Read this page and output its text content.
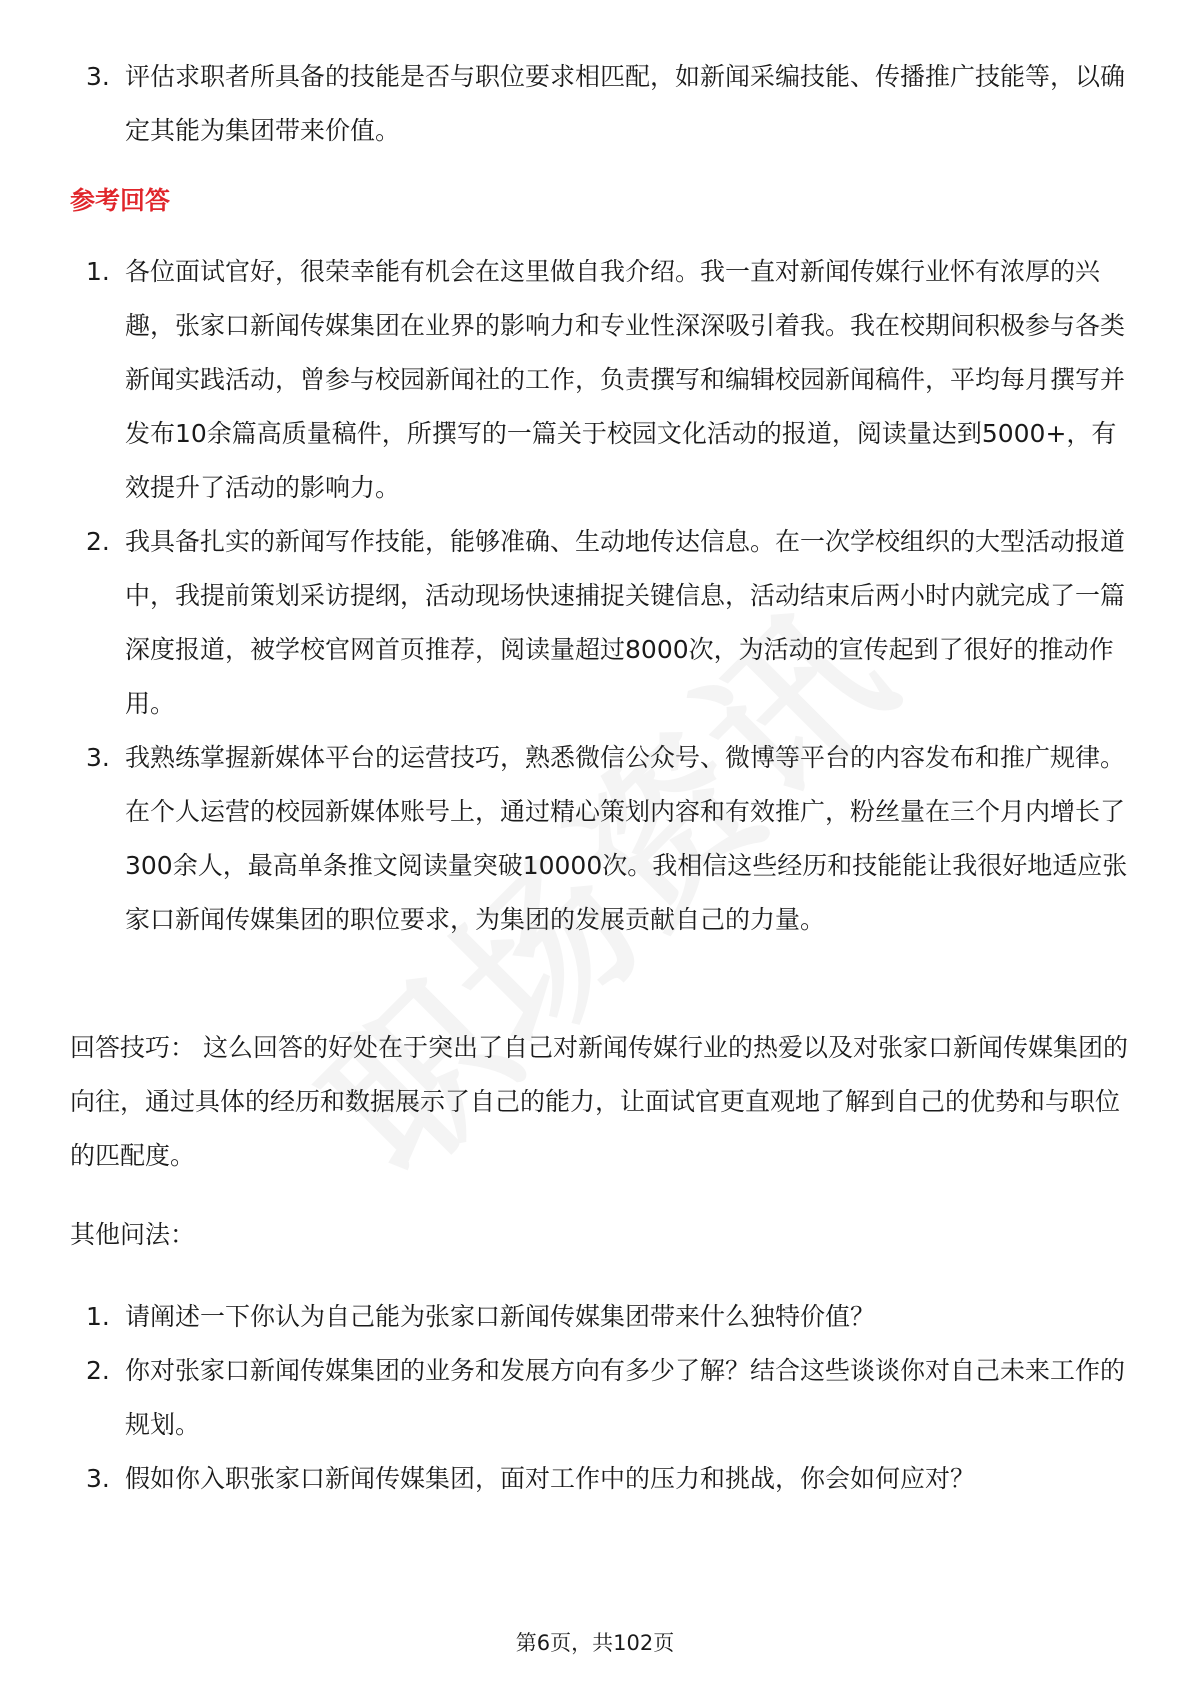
3. 评估求职者所具备的技能是否与职位要求相匹配，如新闻采编技能、传播推广技能等，以确定其能为集团带来价值。
参考回答
1. 各位面试官好，很荣幸能有机会在这里做自我介绍。我一直对新闻传媒行业怀有浓厚的兴趣，张家口新闻传媒集团在业界的影响力和专业性深深吸引着我。我在校期间积极参与各类新闻实践活动，曾参与校园新闻社的工作，负责撰写和编辑校园新闻稿件，平均每月撰写并发布10余篇高质量稿件，所撰写的一篇关于校园文化活动的报道，阅读量达到5000+，有效提升了活动的影响力。
2. 我具备扎实的新闻写作技能，能够准确、生动地传达信息。在一次学校组织的大型活动报道中，我提前策划采访提纲，活动现场快速捕捉关键信息，活动结束后两小时内就完成了一篇深度报道，被学校官网首页推荐，阅读量超过8000次，为活动的宣传起到了很好的推动作用。
3. 我熟练掌握新媒体平台的运营技巧，熟悉微信公众号、微博等平台的内容发布和推广规律。在个人运营的校园新媒体账号上，通过精心策划内容和有效推广，粉丝量在三个月内增长了300余人，最高单条推文阅读量突破10000次。我相信这些经历和技能能让我很好地适应张家口新闻传媒集团的职位要求，为集团的发展贡献自己的力量。
回答技巧： 这么回答的好处在于突出了自己对新闻传媒行业的热爱以及对张家口新闻传媒集团的向往，通过具体的经历和数据展示了自己的能力，让面试官更直观地了解到自己的优势和与职位的匹配度。
其他问法：
1. 请阐述一下你认为自己能为张家口新闻传媒集团带来什么独特价值？
2. 你对张家口新闻传媒集团的业务和发展方向有多少了解？结合这些谈谈你对自己未来工作的规划。
3. 假如你入职张家口新闻传媒集团，面对工作中的压力和挑战，你会如何应对？
第6页，共102页
